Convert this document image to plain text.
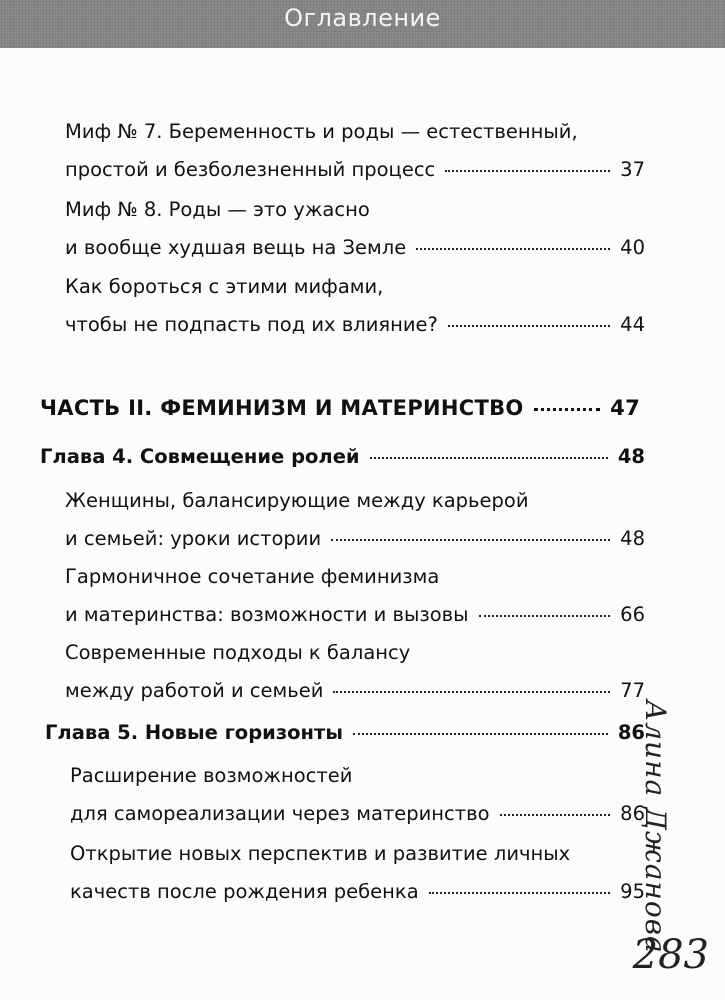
Оглавление
Миф № 7. Беременность и роды — естественный,
простой и безболезненный процесс	37
Миф № 8. Роды — это ужасно
и вообще худшая вещь на Земле	40
Как бороться с этими мифами,
чтобы не подпасть под их влияние?	44
ЧАСТЬ II. ФЕМИНИЗМ И МАТЕРИНСТВО	47
Глава 4. Совмещение ролей	48
Женщины, балансирующие между карьерой
и семьей: уроки истории	48
Гармоничное сочетание феминизма
и материнства: возможности и вызовы	66
Современные подходы к балансу
между работой и семьей	77
Глава 5. Новые горизонты	86
Расширение возможностей
для самореализации через материнство	86
Открытие новых перспектив и развитие личных
качеств после рождения ребенка	95
Алина Джанова
283
